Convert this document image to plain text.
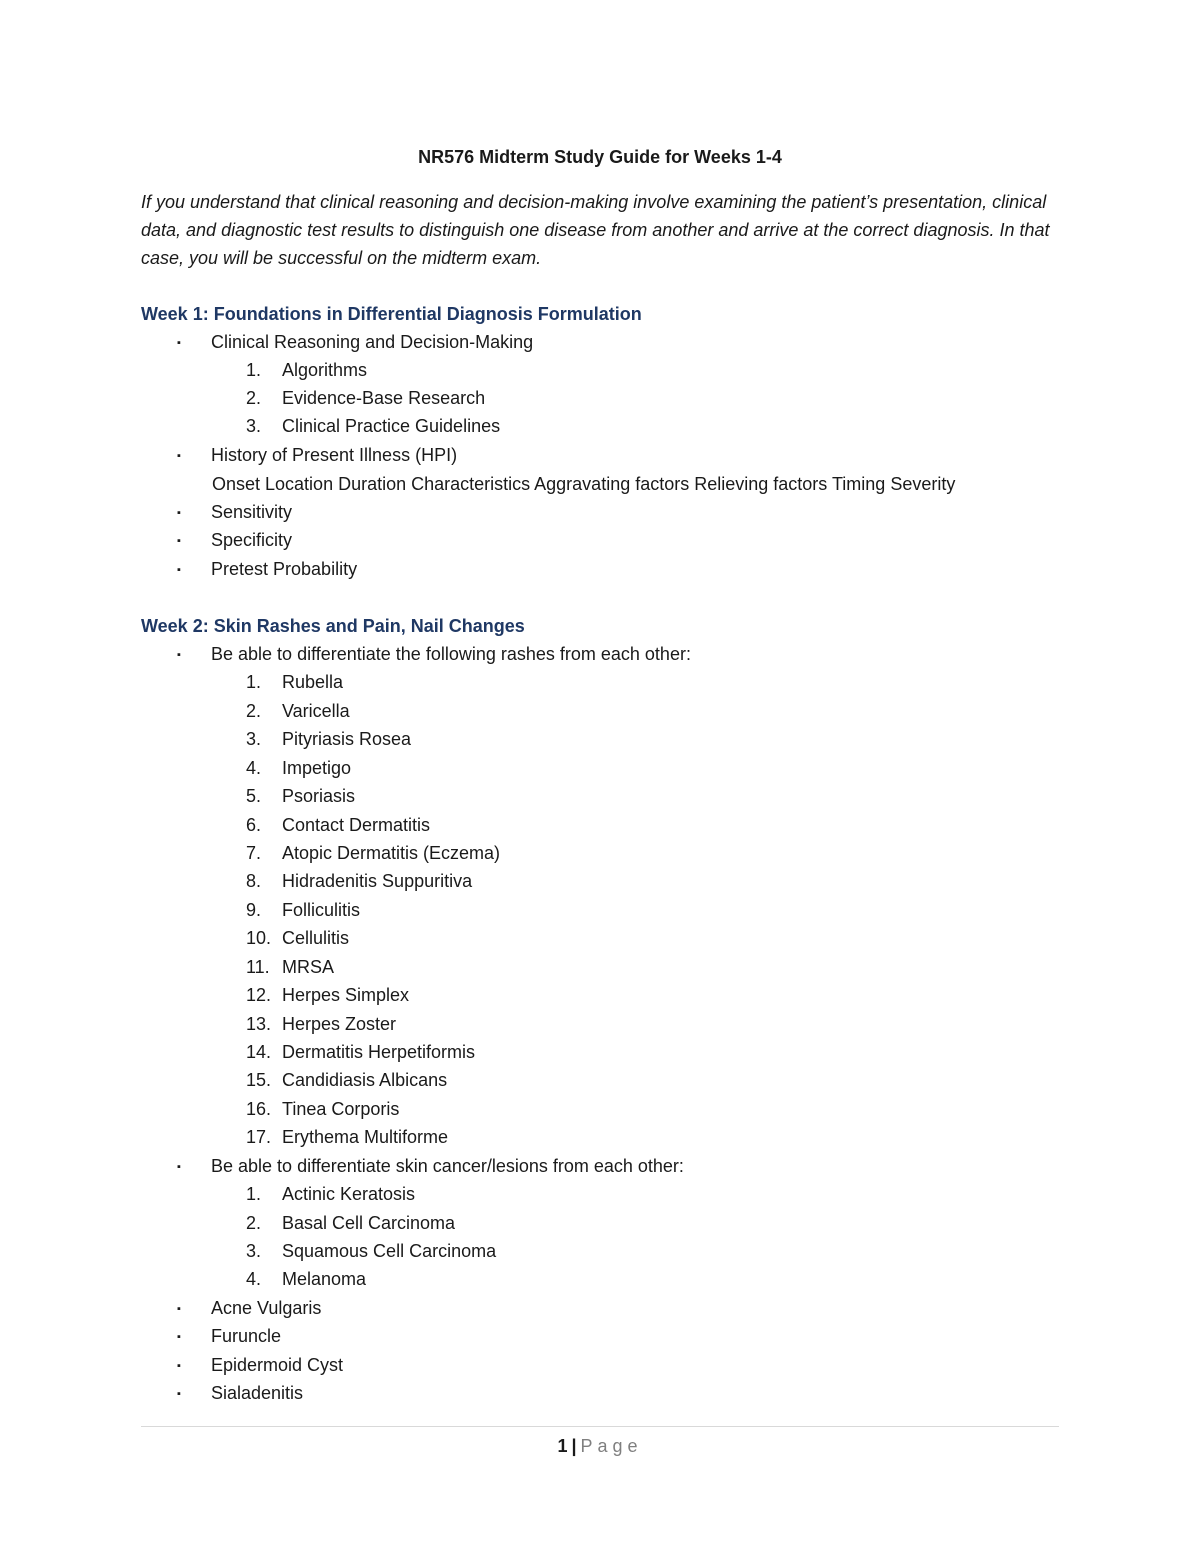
NR576 Midterm Study Guide for Weeks 1-4

If you understand that clinical reasoning and decision-making involve examining the patient’s presentation, clinical data, and diagnostic test results to distinguish one disease from another and arrive at the correct diagnosis. In that case, you will be successful on the midterm exam.

Week 1: Foundations in Differential Diagnosis Formulation
▪ Clinical Reasoning and Decision-Making
1. Algorithms
2. Evidence-Base Research
3. Clinical Practice Guidelines
▪ History of Present Illness (HPI)
Onset Location Duration Characteristics Aggravating factors Relieving factors Timing Severity
▪ Sensitivity
▪ Specificity
▪ Pretest Probability
Week 2: Skin Rashes and Pain, Nail Changes
▪ Be able to differentiate the following rashes from each other:
1. Rubella
2. Varicella
3. Pityriasis Rosea
4. Impetigo
5. Psoriasis
6. Contact Dermatitis
7. Atopic Dermatitis (Eczema)
8. Hidradenitis Suppuritiva
9. Folliculitis
10. Cellulitis
11. MRSA
12. Herpes Simplex
13. Herpes Zoster
14. Dermatitis Herpetiformis
15. Candidiasis Albicans
16. Tinea Corporis
17. Erythema Multiforme
▪ Be able to differentiate skin cancer/lesions from each other:
1. Actinic Keratosis
2. Basal Cell Carcinoma
3. Squamous Cell Carcinoma
4. Melanoma
▪ Acne Vulgaris
▪ Furuncle
▪ Epidermoid Cyst
▪ Sialadenitis
1 | Page
